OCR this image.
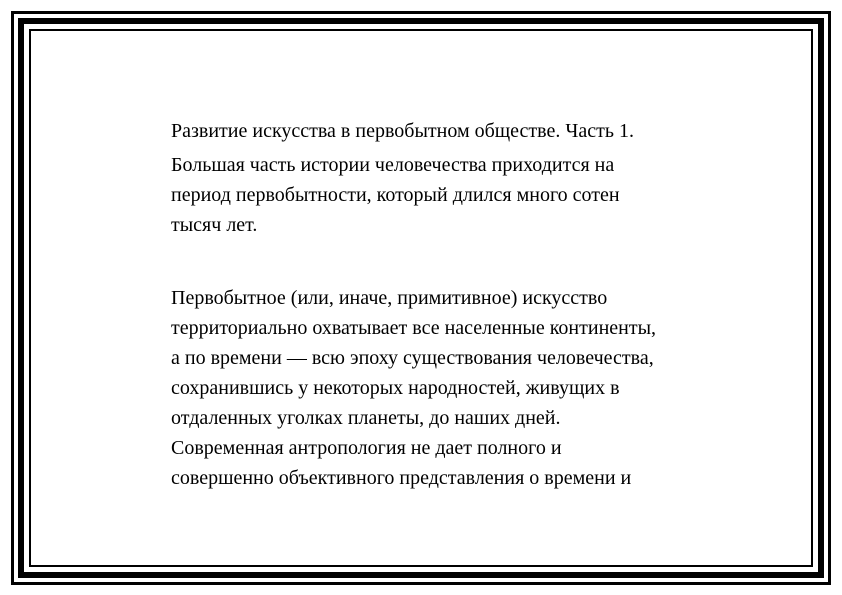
Развитие искусства в первобытном обществе. Часть 1.

Большая часть истории человечества приходится на
период первобытности, который длился много сотен
тысяч лет.

Первобытное (или, иначе, примитивное) искусство
территориально охватывает все населенные континенты,
а по времени — всю эпоху существования человечества,
сохранившись у некоторых народностей, живущих в
отдаленных уголках планеты, до наших дней.
Современная антропология не дает полного и
совершенно объективного представления о времени и
